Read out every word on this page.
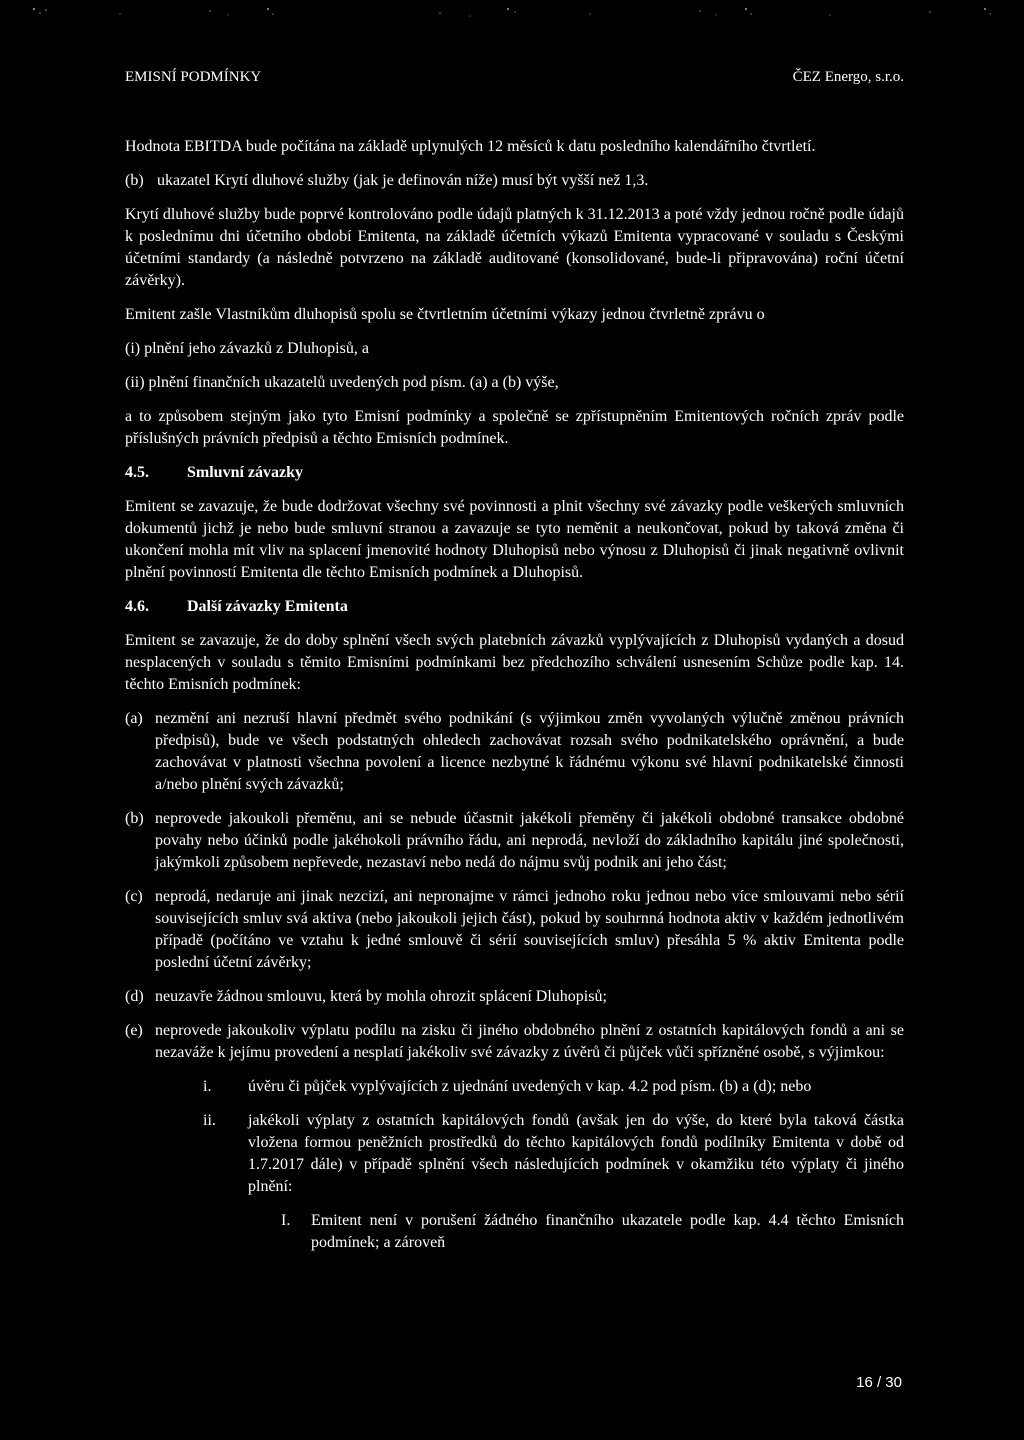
EMISNÍ PODMÍNKY	ČEZ Energo, s.r.o.

Hodnota EBITDA bude počítána na základě uplynulých 12 měsíců k datu posledního kalendářního čtvrtletí.

(b) ukazatel Krytí dluhové služby (jak je definován níže) musí být vyšší než 1,3.

Krytí dluhové služby bude poprvé kontrolováno podle údajů platných k 31.12.2013 a poté vždy jednou ročně podle údajů k poslednímu dni účetního období Emitenta, na základě účetních výkazů Emitenta vypracované v souladu s Českými účetními standardy (a následně potvrzeno na základě auditované (konsolidované, bude-li připravována) roční účetní závěrky).

Emitent zašle Vlastníkům dluhopisů spolu se čtvrtletním účetními výkazy jednou čtvrletně zprávu o

(i) plnění jeho závazků z Dluhopisů, a
(ii) plnění finančních ukazatelů uvedených pod písm. (a) a (b) výše,

a to způsobem stejným jako tyto Emisní podmínky a společně se zpřístupněním Emitentových ročních zpráv podle příslušných právních předpisů a těchto Emisních podmínek.

4.5.	Smluvní závazky

Emitent se zavazuje, že bude dodržovat všechny své povinnosti a plnit všechny své závazky podle veškerých smluvních dokumentů jichž je nebo bude smluvní stranou a zavazuje se tyto neměnit a neukončovat, pokud by taková změna či ukončení mohla mít vliv na splacení jmenovité hodnoty Dluhopisů nebo výnosu z Dluhopisů či jinak negativně ovlivnit plnění povinností Emitenta dle těchto Emisních podmínek a Dluhopisů.

4.6.	Další závazky Emitenta

Emitent se zavazuje, že do doby splnění všech svých platebních závazků vyplývajících z Dluhopisů vydaných a dosud nesplacených v souladu s těmito Emisními podmínkami bez předchozího schválení usnesením Schůze podle kap. 14. těchto Emisních podmínek:

(a) nezmění ani nezruší hlavní předmět svého podnikání (s výjimkou změn vyvolaných výlučně změnou právních předpisů), bude ve všech podstatných ohledech zachovávat rozsah svého podnikatelského oprávnění, a bude zachovávat v platnosti všechna povolení a licence nezbytné k řádnému výkonu své hlavní podnikatelské činnosti a/nebo plnění svých závazků;
(b) neprovede jakoukoli přeměnu, ani se nebude účastnit jakékoli přeměny či jakékoli obdobné transakce obdobné povahy nebo účinků podle jakéhokoli právního řádu, ani neprodá, nevloží do základního kapitálu jiné společnosti, jakýmkoli způsobem nepřevede, nezastaví nebo nedá do nájmu svůj podnik ani jeho část;
(c) neprodá, nedaruje ani jinak nezcizí, ani nepronajme v rámci jednoho roku jednou nebo více smlouvami nebo sérií souvisejících smluv svá aktiva (nebo jakoukoli jejich část), pokud by souhrnná hodnota aktiv v každém jednotlivém případě (počítáno ve vztahu k jedné smlouvě či sérií souvisejících smluv) přesáhla 5 % aktiv Emitenta podle poslední účetní závěrky;
(d) neuzavře žádnou smlouvu, která by mohla ohrozit splácení Dluhopisů;
(e) neprovede jakoukoliv výplatu podílu na zisku či jiného obdobného plnění z ostatních kapitálových fondů a ani se nezaváže k jejímu provedení a nesplatí jakékoliv své závazky z úvěrů či půjček vůči spřízněné osobě, s výjimkou:
i.	úvěru či půjček vyplývajících z ujednání uvedených v kap. 4.2 pod písm. (b) a (d); nebo
ii.	jakékoli výplaty z ostatních kapitálových fondů (avšak jen do výše, do které byla taková částka vložena formou peněžních prostředků do těchto kapitálových fondů podílníky Emitenta v době od 1.7.2017 dále) v případě splnění všech následujících podmínek v okamžiku této výplaty či jiného plnění:
I.	Emitent není v porušení žádného finančního ukazatele podle kap. 4.4 těchto Emisních podmínek; a zároveň
16 / 30
